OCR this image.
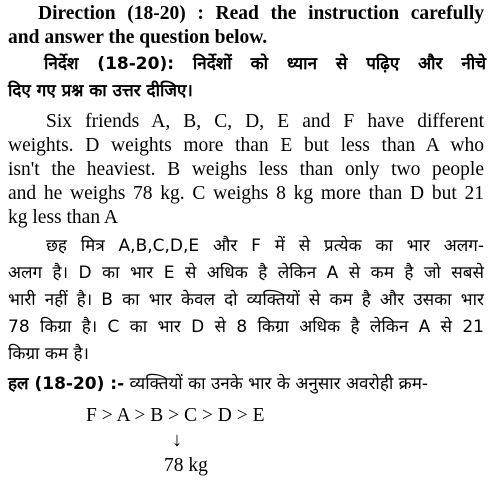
Direction (18-20) : Read the instruction carefully
and answer the question below.
निर्देश (18-20): निर्देशों को ध्यान से पढ़िए और नीचे
दिए गए प्रश्न का उत्तर दीजिए।
Six friends A, B, C, D, E and F have different
weights. D weights more than E but less than A who
isn't the heaviest. B weighs less than only two people
and he weighs 78 kg. C weighs 8 kg more than D but 21
kg less than A
छह मित्र A,B,C,D,E और F में से प्रत्येक का भार अलग-
अलग है। D का भार E से अधिक है लेकिन A से कम है जो सबसे
भारी नहीं है। B का भार केवल दो व्यक्तियों से कम है और उसका भार
78 किग्रा है। C का भार D से 8 किग्रा अधिक है लेकिन A से 21
किग्रा कम है।
हल (18-20) :- व्यक्तियों का उनके भार के अनुसार अवरोही क्रम-
F > A > B > C > D > E
↓
78 kg
